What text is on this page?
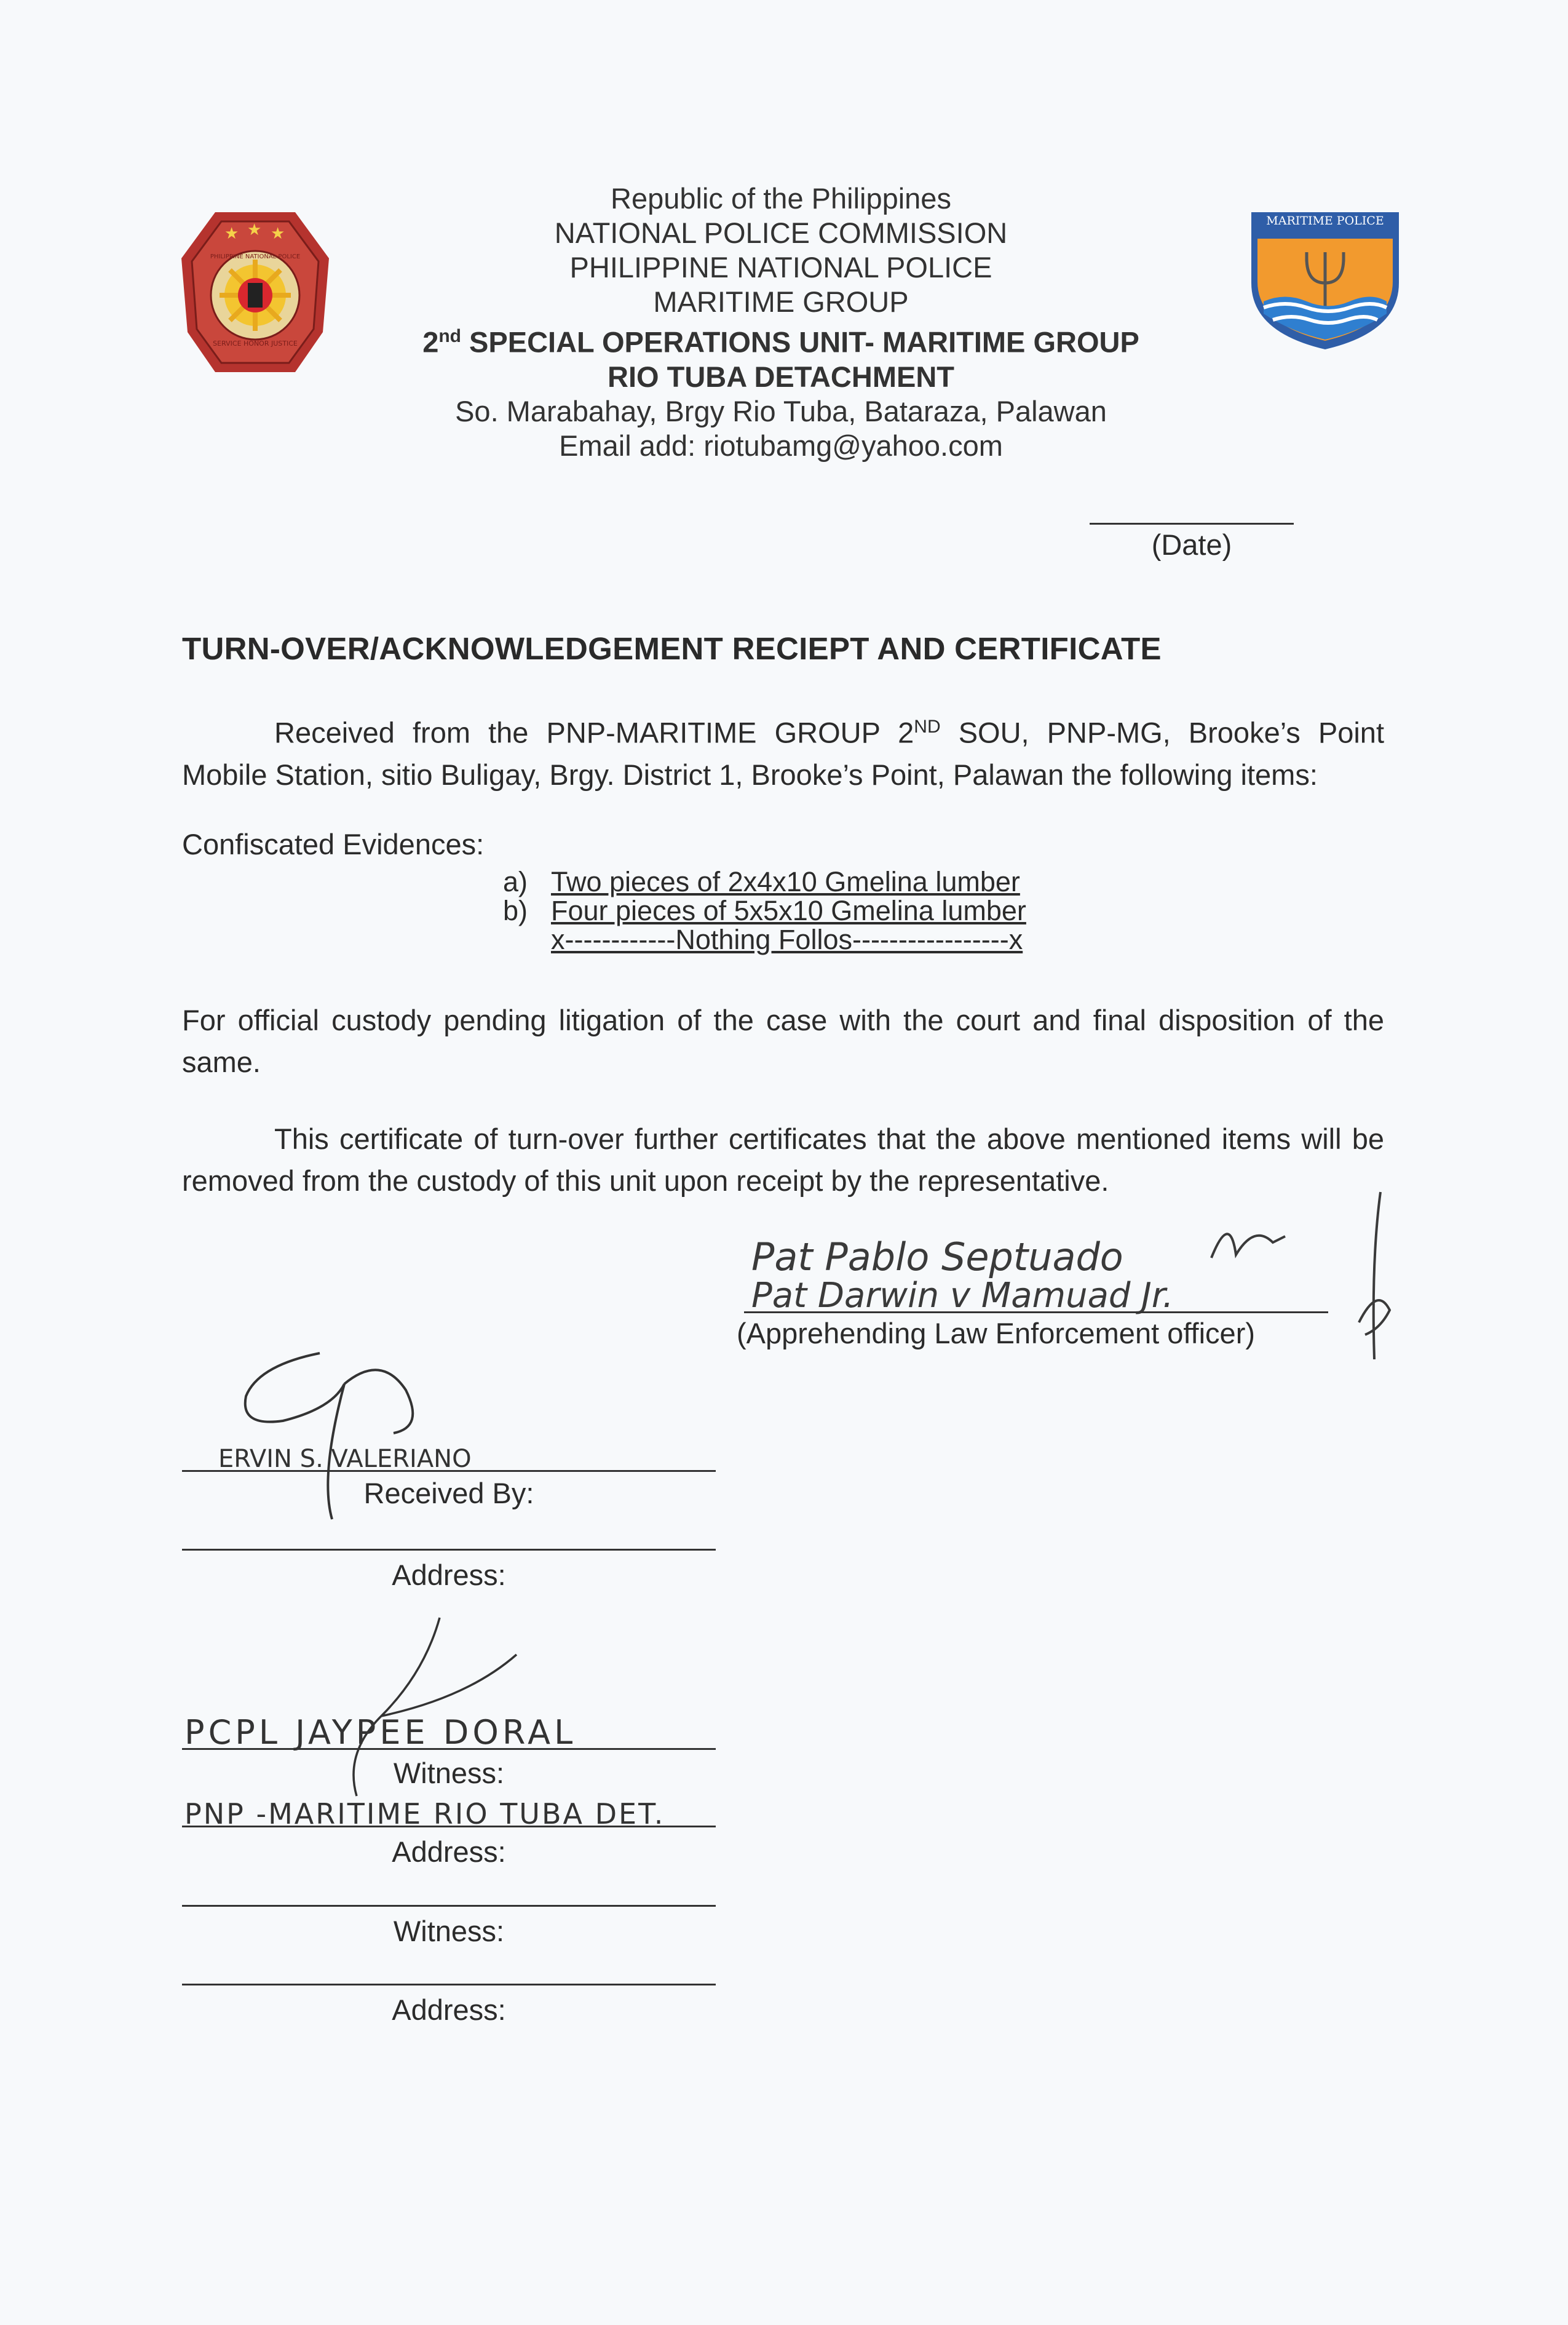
★ ★ ★
SERVICE HONOR JUSTICE
PHILIPPINE NATIONAL POLICE
MARITIME POLICE
Republic of the Philippines
NATIONAL POLICE COMMISSION
PHILIPPINE NATIONAL POLICE
MARITIME GROUP
2nd SPECIAL OPERATIONS UNIT- MARITIME GROUP
RIO TUBA DETACHMENT
So. Marabahay, Brgy Rio Tuba, Bataraza, Palawan
Email add: riotubamg@yahoo.com
(Date)
TURN-OVER/ACKNOWLEDGEMENT RECIEPT AND CERTIFICATE
Received from the PNP-MARITIME GROUP 2ND SOU, PNP-MG, Brooke’s Point Mobile Station, sitio Buligay, Brgy. District 1, Brooke’s Point, Palawan the following items:
Confiscated Evidences:
a) Two pieces of 2x4x10 Gmelina lumber
b) Four pieces of 5x5x10 Gmelina lumber
x------------Nothing Follos-----------------x
For official custody pending litigation of the case with the court and final disposition of the same.
This certificate of turn-over further certificates that the above mentioned items will be removed from the custody of this unit upon receipt by the representative.
Pat Pablo Septuado
Pat Darwin v Mamuad Jr.
(Apprehending Law Enforcement officer)
ERVIN S. VALERIANO
PCPL JAYPEE DORAL
PNP -MARITIME RIO TUBA DET.
Received By:
Address:
Witness:
Address:
Witness:
Address:
